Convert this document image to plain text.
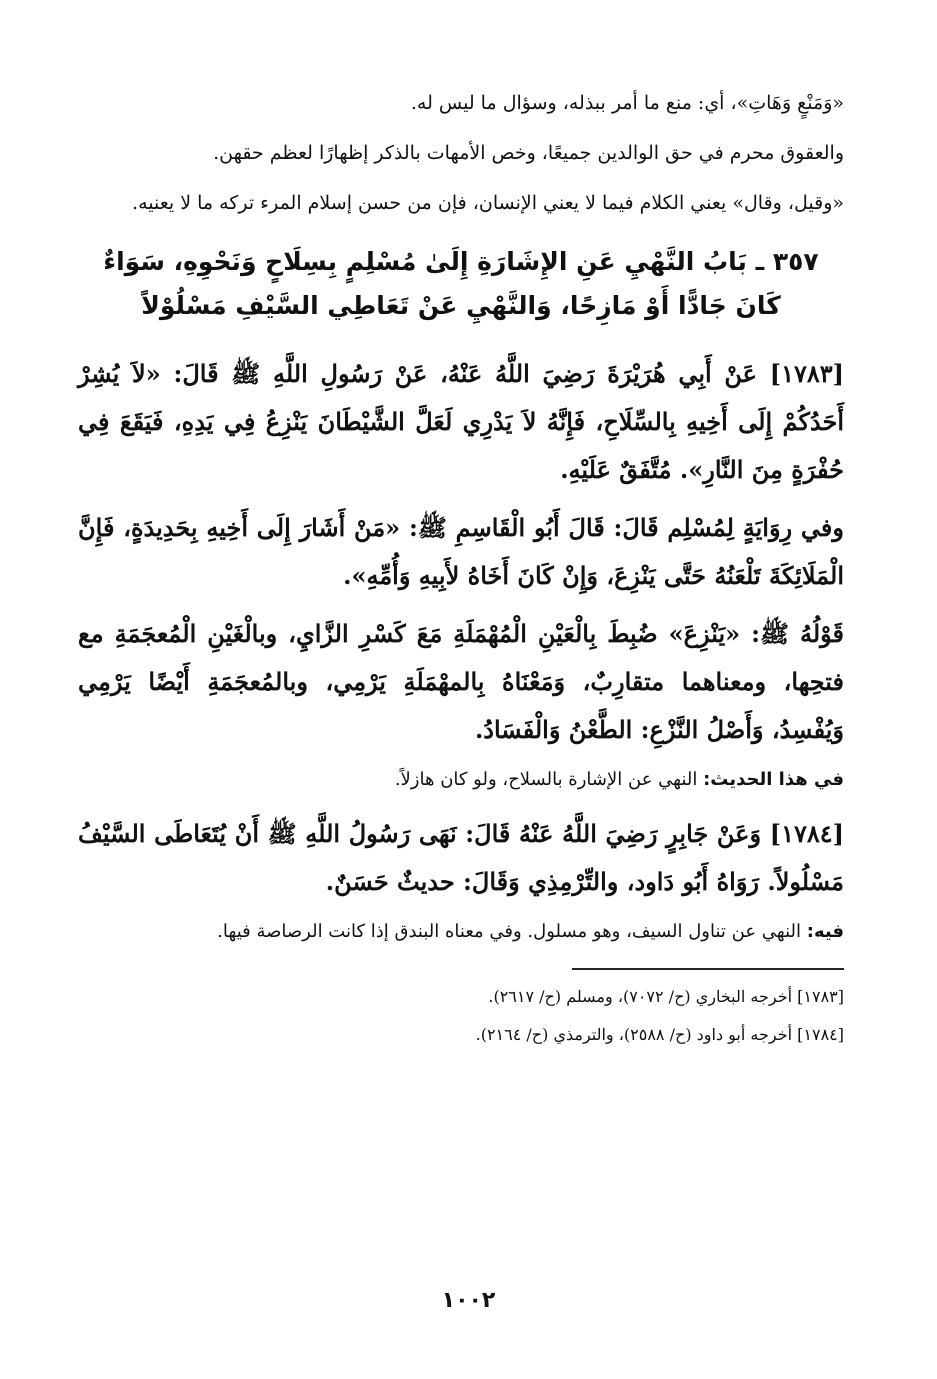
«وَمَنْعٍ وَهَاتِ»، أي: منع ما أمر ببذله، وسؤال ما ليس له.

والعقوق محرم في حق الوالدين جميعًا، وخص الأمهات بالذكر إظهارًا لعظم حقهن.

«وقيل، وقال» يعني الكلام فيما لا يعني الإنسان، فإن من حسن إسلام المرء تركه ما لا يعنيه.

٣٥٧ ـ بَابُ النَّهْيِ عَنِ الإِشَارَةِ إِلَىٰ مُسْلِمٍ بِسِلَاحٍ وَنَحْوِهِ، سَوَاءٌ
كَانَ جَادًّا أَوْ مَازِحًا، وَالنَّهْيِ عَنْ تَعَاطِي السَّيْفِ مَسْلُوْلاً

[١٧٨٣] عَنْ أَبِي هُرَيْرَةَ رَضِيَ اللَّهُ عَنْهُ، عَنْ رَسُولِ اللَّهِ ﷺ قَالَ: «لاَ يُشِرْ أَحَدُكُمْ إِلَى أَخِيهِ بِالسِّلَاحِ، فَإِنَّهُ لاَ يَدْرِي لَعَلَّ الشَّيْطَانَ يَنْزِعُ فِي يَدِهِ، فَيَقَعَ فِي حُفْرَةٍ مِنَ النَّارِ». مُتَّفَقٌ عَلَيْهِ.

وفي رِوَايَةٍ لِمُسْلِم قَالَ: قَالَ أَبُو الْقَاسِمِ ﷺ: «مَنْ أَشَارَ إِلَى أَخِيهِ بِحَدِيدَةٍ، فَإِنَّ الْمَلَائِكَةَ تَلْعَنُهُ حَتَّى يَنْزِعَ، وَإِنْ كَانَ أَخَاهُ لأَبِيهِ وَأُمِّهِ».

قَوْلُهُ ﷺ: «يَنْزِعَ» ضُبِطَ بِالْعَيْنِ الْمُهْمَلَةِ مَعَ كَسْرِ الزَّايِ، وبالْغَيْنِ الْمُعجَمَةِ مع فتحِها، ومعناهما متقارِبٌ، وَمَعْنَاهُ بِالمهْمَلَةِ يَرْمِي، وبالمُعجَمَةِ أَيْضًا يَرْمِي وَيُفْسِدُ، وَأَصْلُ النَّزْعِ: الطَّعْنُ وَالْفَسَادُ.

في هذا الحديث: النهي عن الإشارة بالسلاح، ولو كان هازلاً.

[١٧٨٤] وَعَنْ جَابِرٍ رَضِيَ اللَّهُ عَنْهُ قَالَ: نَهَى رَسُولُ اللَّهِ ﷺ أَنْ يُتَعَاطَى السَّيْفُ مَسْلُولاً. رَوَاهُ أَبُو دَاود، والتِّرْمِذِي وَقَالَ: حديثٌ حَسَنٌ.

فيه: النهي عن تناول السيف، وهو مسلول. وفي معناه البندق إذا كانت الرصاصة فيها.

[١٧٨٣] أخرجه البخاري (ح/ ٧٠٧٢)، ومسلم (ح/ ٢٦١٧).

[١٧٨٤] أخرجه أبو داود (ح/ ٢٥٨٨)، والترمذي (ح/ ٢١٦٤).

١٠٠٢
